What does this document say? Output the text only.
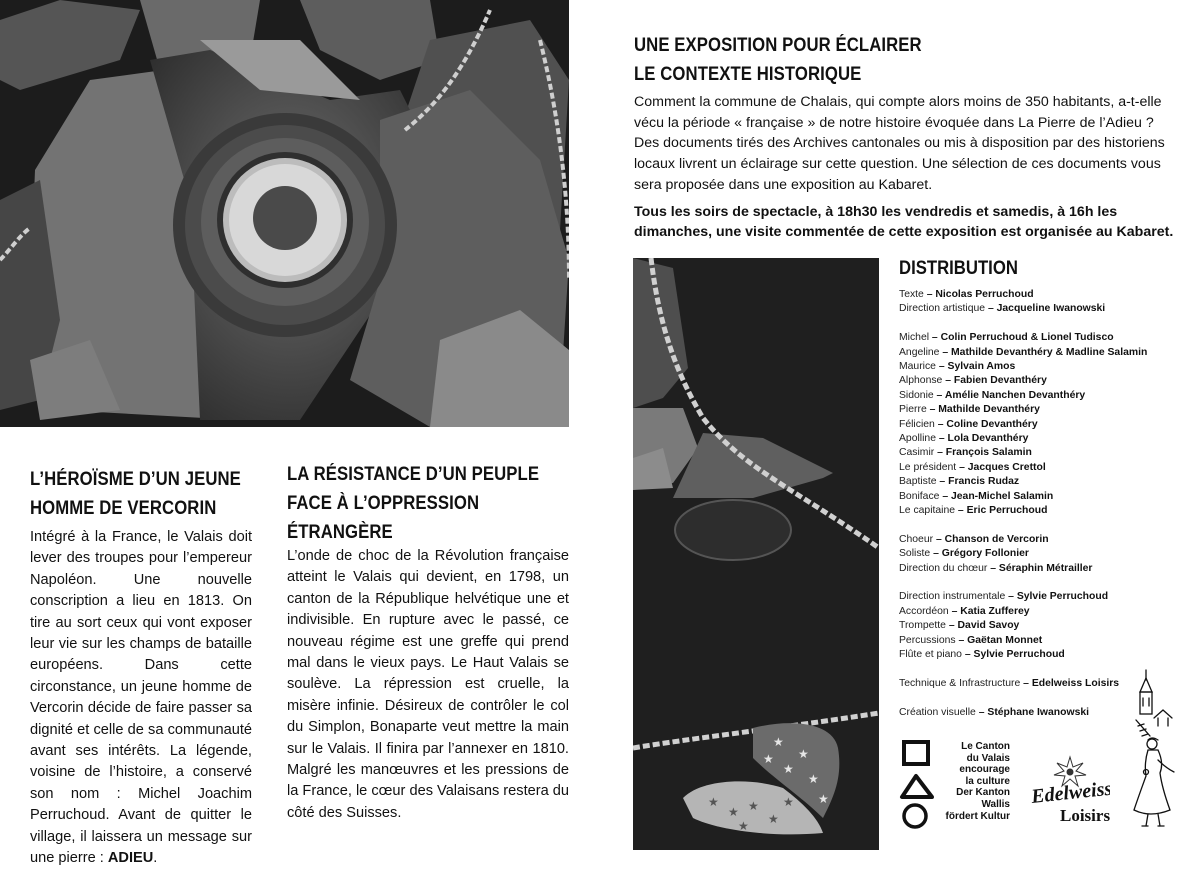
★
★
★
★
★
★
★
★ ★
★
★
★
UNE EXPOSITION POUR ÉCLAIRER
LE CONTEXTE HISTORIQUE

Comment la commune de Chalais, qui compte alors moins de 350 habitants, a-t-elle vécu la période « française » de notre histoire évoquée dans La Pierre de l’Adieu ? Des documents tirés des Archives cantonales ou mis à disposition par des historiens locaux livrent un éclairage sur cette question. Une sélection de ces documents vous sera proposée dans une exposition au Kabaret.

Tous les soirs de spectacle, à 18h30 les vendredis et samedis, à 16h les dimanches, une visite commentée de cette exposition est organisée au Kabaret.

L’HÉROÏSME D’UN JEUNE
HOMME DE VERCORIN
Intégré à la France, le Valais doit lever des troupes pour l’empereur Napoléon. Une nouvelle conscription a lieu en 1813. On tire au sort ceux qui vont exposer leur vie sur les champs de bataille européens. Dans cette circonstance, un jeune homme de Vercorin décide de faire passer sa dignité et celle de sa communauté avant ses intérêts. La légende, voisine de l’histoire, a conservé son nom : Michel Joachim Perruchoud. Avant de quitter le village, il laissera un message sur une pierre : ADIEU.
LA RÉSISTANCE D’UN PEUPLE
FACE À L’OPPRESSION
ÉTRANGÈRE
L’onde de choc de la Révolution française atteint le Valais qui devient, en 1798, un canton de la République helvétique une et indivisible. En rupture avec le passé, ce nouveau régime est une greffe qui prend mal dans le vieux pays. Le Haut Valais se soulève. La répression est cruelle, la misère infinie. Désireux de contrôler le col du Simplon, Bonaparte veut mettre la main sur le Valais. Il finira par l’annexer en 1810. Malgré les manœuvres et les pressions de la France, le cœur des Valaisans restera du côté des Suisses.
DISTRIBUTION
Texte – Nicolas Perruchoud
Direction artistique – Jacqueline Iwanowski
Michel – Colin Perruchoud & Lionel Tudisco
Angeline – Mathilde Devanthéry & Madline Salamin
Maurice – Sylvain Amos
Alphonse – Fabien Devanthéry
Sidonie – Amélie Nanchen Devanthéry
Pierre – Mathilde Devanthéry
Félicien – Coline Devanthéry
Apolline – Lola Devanthéry
Casimir – François Salamin
Le président – Jacques Crettol
Baptiste – Francis Rudaz
Boniface – Jean-Michel Salamin
Le capitaine – Eric Perruchoud
Choeur – Chanson de Vercorin
Soliste – Grégory Follonier
Direction du chœur – Séraphin Métrailler
Direction instrumentale – Sylvie Perruchoud
Accordéon – Katia Zufferey
Trompette – David Savoy
Percussions – Gaëtan Monnet
Flûte et piano – Sylvie Perruchoud
Technique & Infrastructure – Edelweiss Loisirs
Création visuelle – Stéphane Iwanowski
Le Canton
du Valais
encourage
la culture
Der Kanton
Wallis
fördert Kultur
Edelweiss
Loisirs
